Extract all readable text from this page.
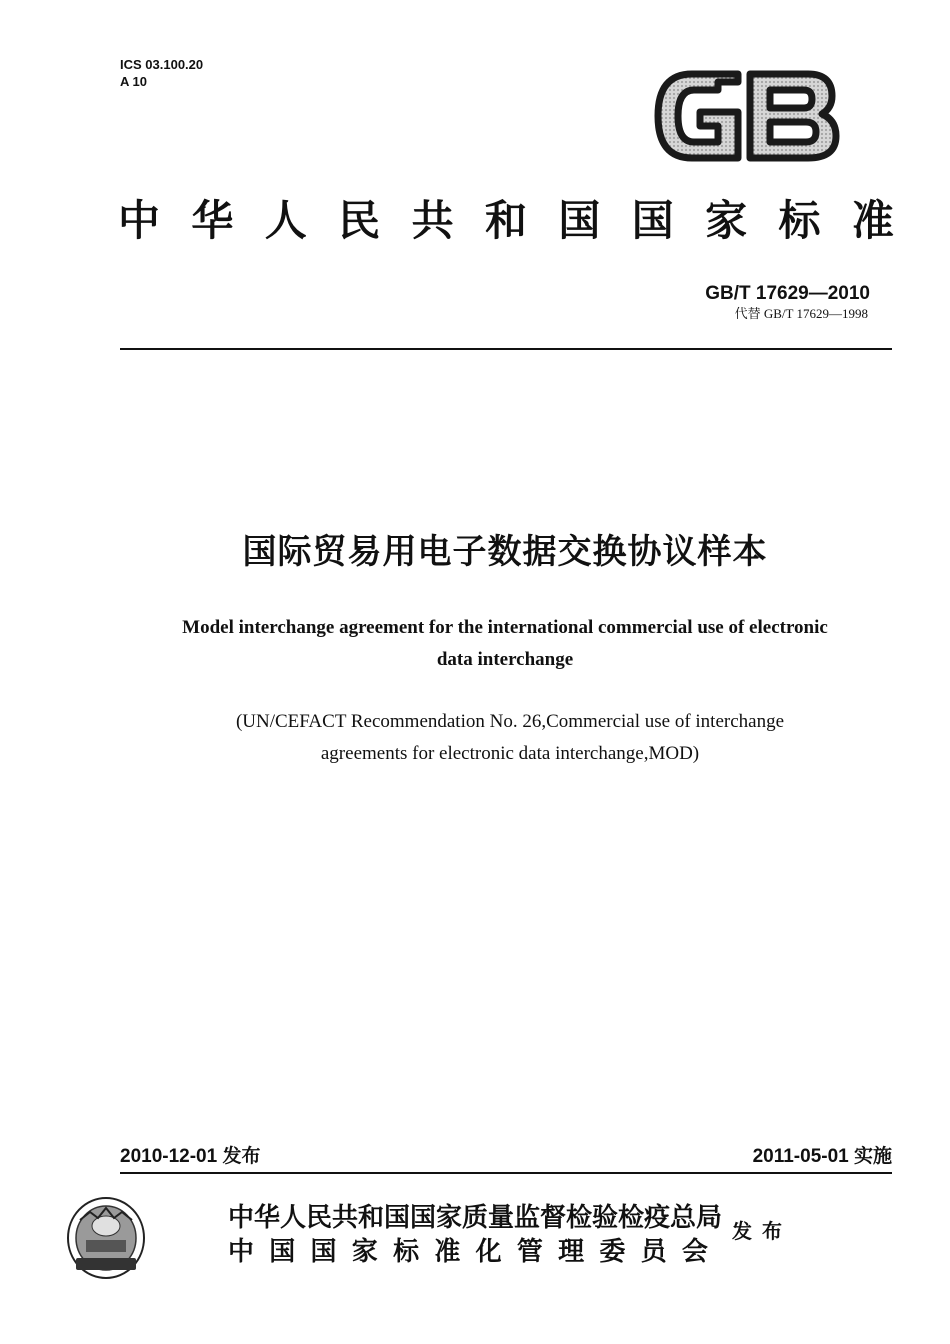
ICS 03.100.20
A 10
中 华 人 民 共 和 国 国 家 标 准
GB/T 17629—2010
代替 GB/T 17629—1998
国际贸易用电子数据交换协议样本
Model interchange agreement for the international commercial use of electronic
data interchange
(UN/CEFACT Recommendation No. 26,Commercial use of interchange
agreements for electronic data interchange,MOD)
2010-12-01 发布	2011-05-01 实施
中华人民共和国国家质量监督检验检疫总局
中 国 国 家 标 准 化 管 理 委 员 会
发布
